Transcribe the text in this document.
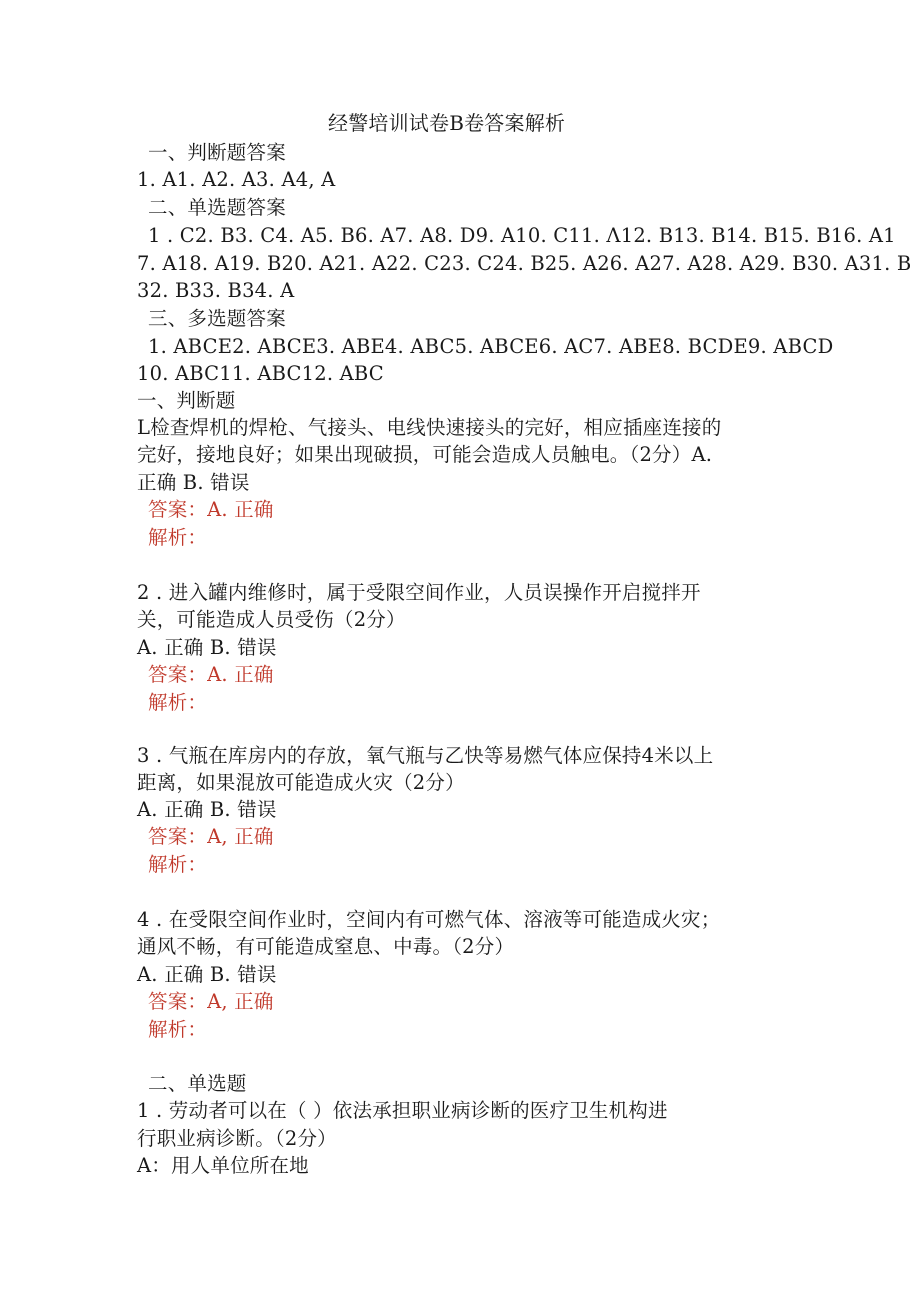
经警培训试卷B卷答案解析

一、判断题答案

1. A1. A2. A3. A4, A

二、单选题答案

1 . C2. B3. C4. A5. B6. A7. A8. D9. A10. C11. Λ12. B13. B14. B15. B16. A1

7. A18. A19. B20. A21. A22. C23. C24. B25. A26. A27. A28. A29. B30. A31. B

32. B33. B34. A

三、多选题答案

1. ABCE2. ABCE3. ABE4. ABC5. ABCE6. AC7. ABE8. BCDE9. ABCD

10. ABC11. ABC12. ABC

一、判断题

L检查焊机的焊枪、气接头、电线快速接头的完好，相应插座连接的

完好，接地良好；如果出现破损，可能会造成人员触电。（2分）A.

正确 B. 错误

答案：A. 正确

解析：

2 . 进入罐内维修时，属于受限空间作业，人员误操作开启搅拌开

关，可能造成人员受伤（2分）

A. 正确 B. 错误

答案：A. 正确

解析：

3 . 气瓶在库房内的存放，氧气瓶与乙快等易燃气体应保持4米以上

距离，如果混放可能造成火灾（2分）

A. 正确 B. 错误

答案：A, 正确

解析：

4 . 在受限空间作业时，空间内有可燃气体、溶液等可能造成火灾；

通风不畅，有可能造成窒息、中毒。（2分）

A. 正确 B. 错误

答案：A, 正确

解析：

二、单选题

1 . 劳动者可以在（ ）依法承担职业病诊断的医疗卫生机构进

行职业病诊断。（2分）

A：用人单位所在地
